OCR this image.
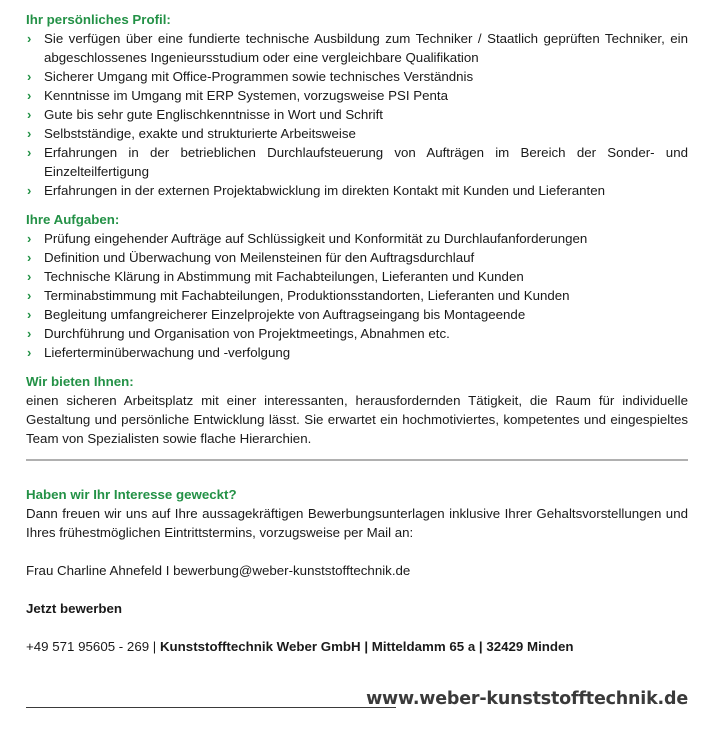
Ihr persönliches Profil:

› Sie verfügen über eine fundierte technische Ausbildung zum Techniker / Staatlich geprüften Techniker, ein abgeschlossenes Ingenieursstudium oder eine vergleichbare Qualifikation
› Sicherer Umgang mit Office-Programmen sowie technisches Verständnis
› Kenntnisse im Umgang mit ERP Systemen, vorzugsweise PSI Penta
› Gute bis sehr gute Englischkenntnisse in Wort und Schrift
› Selbstständige, exakte und strukturierte Arbeitsweise
› Erfahrungen in der betrieblichen Durchlaufsteuerung von Aufträgen im Bereich der Sonder- und Einzelteilfertigung
› Erfahrungen in der externen Projektabwicklung im direkten Kontakt mit Kunden und Lieferanten

Ihre Aufgaben:

› Prüfung eingehender Aufträge auf Schlüssigkeit und Konformität zu Durchlaufanforderungen
› Definition und Überwachung von Meilensteinen für den Auftragsdurchlauf
› Technische Klärung in Abstimmung mit Fachabteilungen, Lieferanten und Kunden
› Terminabstimmung mit Fachabteilungen, Produktionsstandorten, Lieferanten und Kunden
› Begleitung umfangreicherer Einzelprojekte von Auftragseingang bis Montageende
› Durchführung und Organisation von Projektmeetings, Abnahmen etc.
› Lieferterminüberwachung und -verfolgung

Wir bieten Ihnen:

einen sicheren Arbeitsplatz mit einer interessanten, herausfordernden Tätigkeit, die Raum für individuelle Gestaltung und persönliche Entwicklung lässt. Sie erwartet ein hochmotiviertes, kompetentes und eingespieltes Team von Spezialisten sowie flache Hierarchien.

Haben wir Ihr Interesse geweckt?

Dann freuen wir uns auf Ihre aussagekräftigen Bewerbungsunterlagen inklusive Ihrer Gehaltsvorstellungen und Ihres frühestmöglichen Eintrittstermins, vorzugsweise per Mail an:

Frau Charline Ahnefeld I bewerbung@weber-kunststofftechnik.de

Jetzt bewerben

+49 571 95605 - 269 | Kunststofftechnik Weber GmbH | Mitteldamm 65 a | 32429 Minden

www.weber-kunststofftechnik.de
